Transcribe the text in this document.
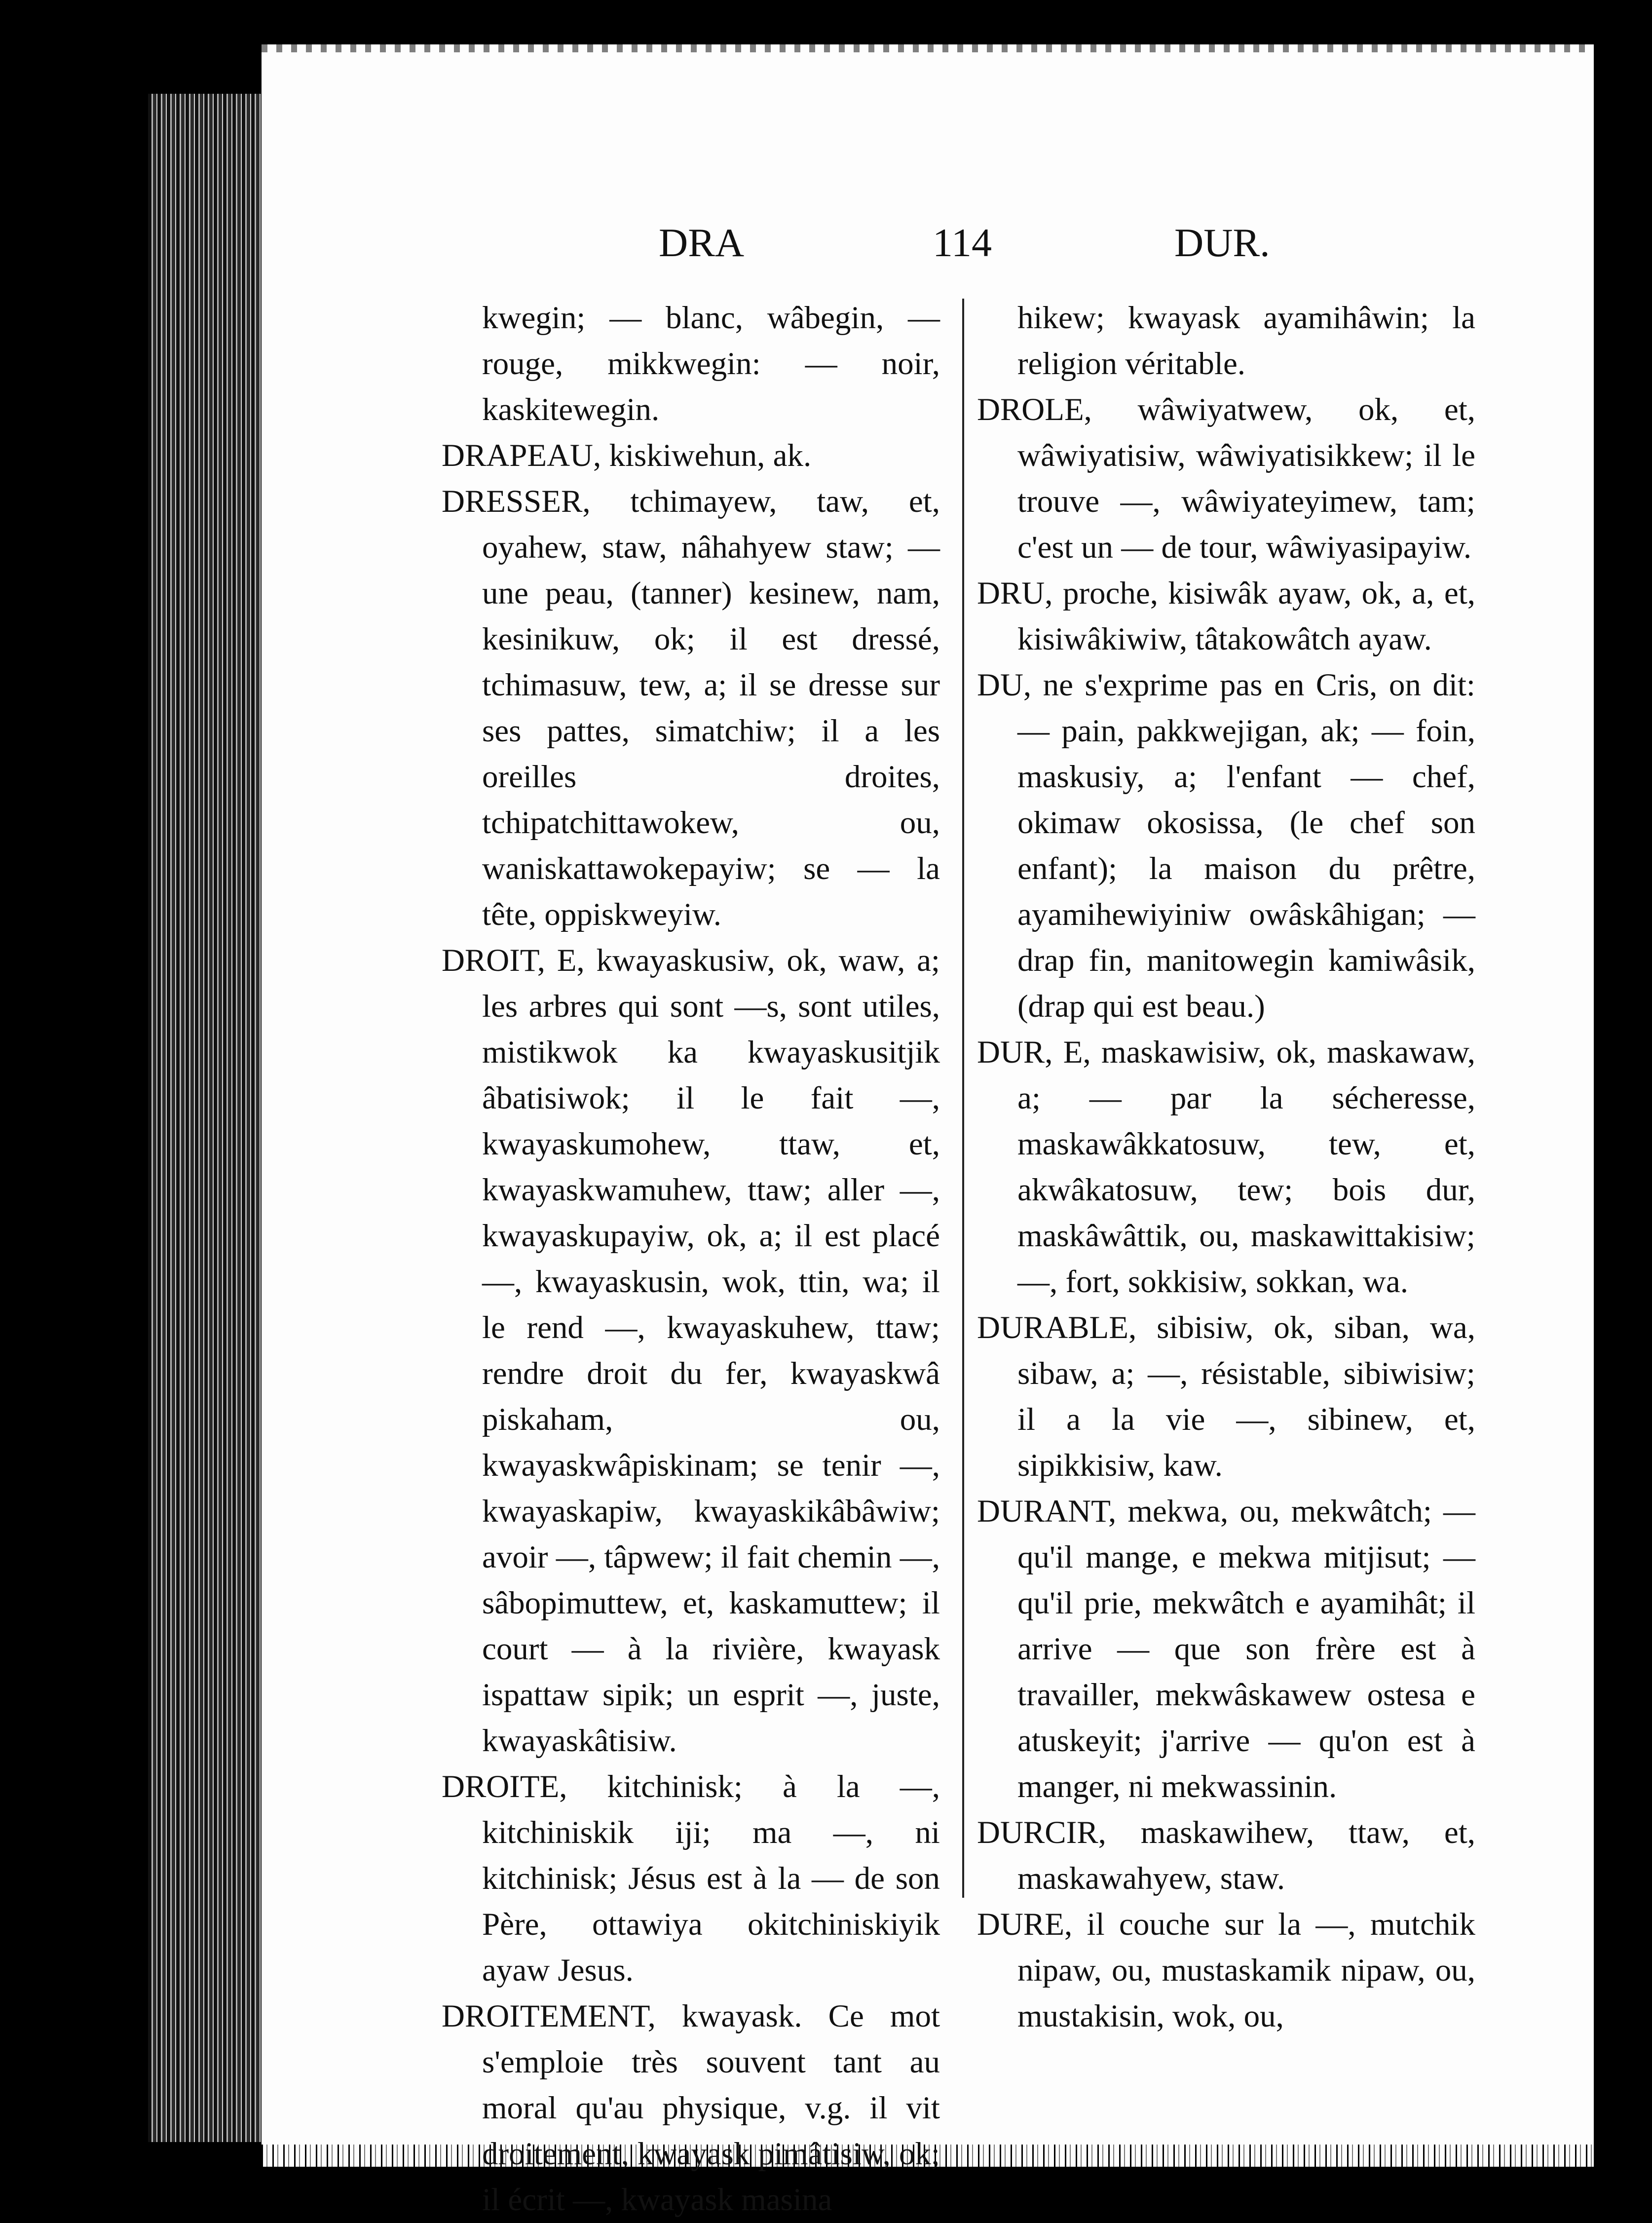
DRA	114	DUR.
kwegin; — blanc, wâbegin, — rouge, mikkwegin: — noir, kaskitewegin.
DRAPEAU, kiskiwehun, ak.
DRESSER, tchimayew, taw, et, oyahew, staw, nâhahyew staw; — une peau, (tanner) kesinew, nam, kesinikuw, ok; il est dressé, tchimasuw, tew, a; il se dresse sur ses pattes, simatchiw; il a les oreilles droites, tchipatchittawokew, ou, waniskattawokepayiw; se — la tête, oppiskweyiw.
DROIT, E, kwayaskusiw, ok, waw, a; les arbres qui sont —s, sont utiles, mistikwok ka kwayaskusitjik âbatisiwok; il le fait —, kwayaskumohew, ttaw, et, kwayaskwamuhew, ttaw; aller —, kwayaskupayiw, ok, a; il est placé —, kwayaskusin, wok, ttin, wa; il le rend —, kwayaskuhew, ttaw; rendre droit du fer, kwayaskwâ piskaham, ou, kwayaskwâpiskinam; se tenir —, kwayaskapiw, kwayaskikâbâwiw; avoir —, tâpwew; il fait chemin —, sâbopimuttew, et, kaskamuttew; il court — à la rivière, kwayask ispattaw sipik; un esprit —, juste, kwayaskâtisiw.
DROITE, kitchinisk; à la —, kitchiniskik iji; ma —, ni kitchinisk; Jésus est à la — de son Père, ottawiya okitchiniskiyik ayaw Jesus.
DROITEMENT, kwayask. Ce mot s'emploie très souvent tant au moral qu'au physique, v.g. il vit droitement, kwayask pimâtisiw, ok; il écrit —, kwayask masina
hikew; kwayask ayamihâwin; la religion véritable.
DROLE, wâwiyatwew, ok, et, wâwiyatisiw, wâwiyatisikkew; il le trouve —, wâwiyateyimew, tam; c'est un — de tour, wâwiyasipayiw.
DRU, proche, kisiwâk ayaw, ok, a, et, kisiwâkiwiw, tâtakowâtch ayaw.
DU, ne s'exprime pas en Cris, on dit: — pain, pakkwejigan, ak; — foin, maskusiy, a; l'enfant — chef, okimaw okosissa, (le chef son enfant); la maison du prêtre, ayamihewiyiniw owâskâhigan; — drap fin, manitowegin kamiwâsik, (drap qui est beau.)
DUR, E, maskawisiw, ok, maskawaw, a; — par la sécheresse, maskawâkkatosuw, tew, et, akwâkatosuw, tew; bois dur, maskâwâttik, ou, maskawittakisiw; —, fort, sokkisiw, sokkan, wa.
DURABLE, sibisiw, ok, siban, wa, sibaw, a; —, résistable, sibiwisiw; il a la vie —, sibinew, et, sipikkisiw, kaw.
DURANT, mekwa, ou, mekwâtch; — qu'il mange, e mekwa mitjisut; — qu'il prie, mekwâtch e ayamihât; il arrive — que son frère est à travailler, mekwâskawew ostesa e atuskeyit; j'arrive — qu'on est à manger, ni mekwassinin.
DURCIR, maskawihew, ttaw, et, maskawahyew, staw.
DURE, il couche sur la —, mutchik nipaw, ou, mustaskamik nipaw, ou, mustakisin, wok, ou,
